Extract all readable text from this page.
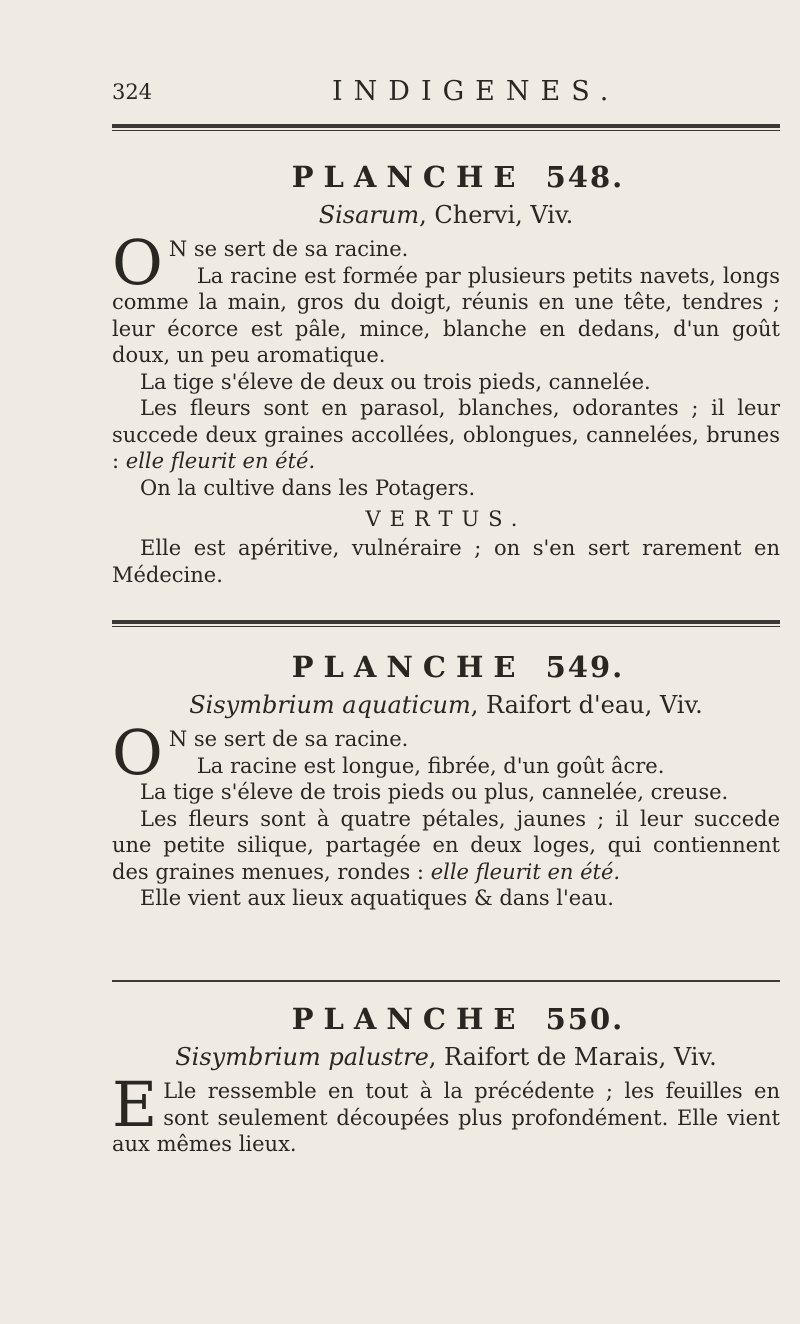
324	INDIGENES.
PLANCHE 548.
Sisarum, Chervi, Viv.

O N se sert de sa racine.

La racine est formée par plusieurs petits navets, longs comme la main, gros du doigt, réunis en une tête, tendres ; leur écorce est pâle, mince, blanche en dedans, d'un goût doux, un peu aromatique.

La tige s'éleve de deux ou trois pieds, cannelée.

Les fleurs sont en parasol, blanches, odorantes ; il leur succede deux graines accollées, oblongues, cannelées, brunes : elle fleurit en été.

On la cultive dans les Potagers.

VERTUS.

Elle est apéritive, vulnéraire ; on s'en sert rarement en Médecine.

PLANCHE 549.
Sisymbrium aquaticum, Raifort d'eau, Viv.

O N se sert de sa racine.

La racine est longue, fibrée, d'un goût âcre.

La tige s'éleve de trois pieds ou plus, cannelée, creuse.

Les fleurs sont à quatre pétales, jaunes ; il leur succede une petite silique, partagée en deux loges, qui contiennent des graines menues, rondes : elle fleurit en été.

Elle vient aux lieux aquatiques & dans l'eau.

PLANCHE 550.
Sisymbrium palustre, Raifort de Marais, Viv.

E Lle ressemble en tout à la précédente ; les feuilles en sont seulement découpées plus profondément. Elle vient aux mêmes lieux.
